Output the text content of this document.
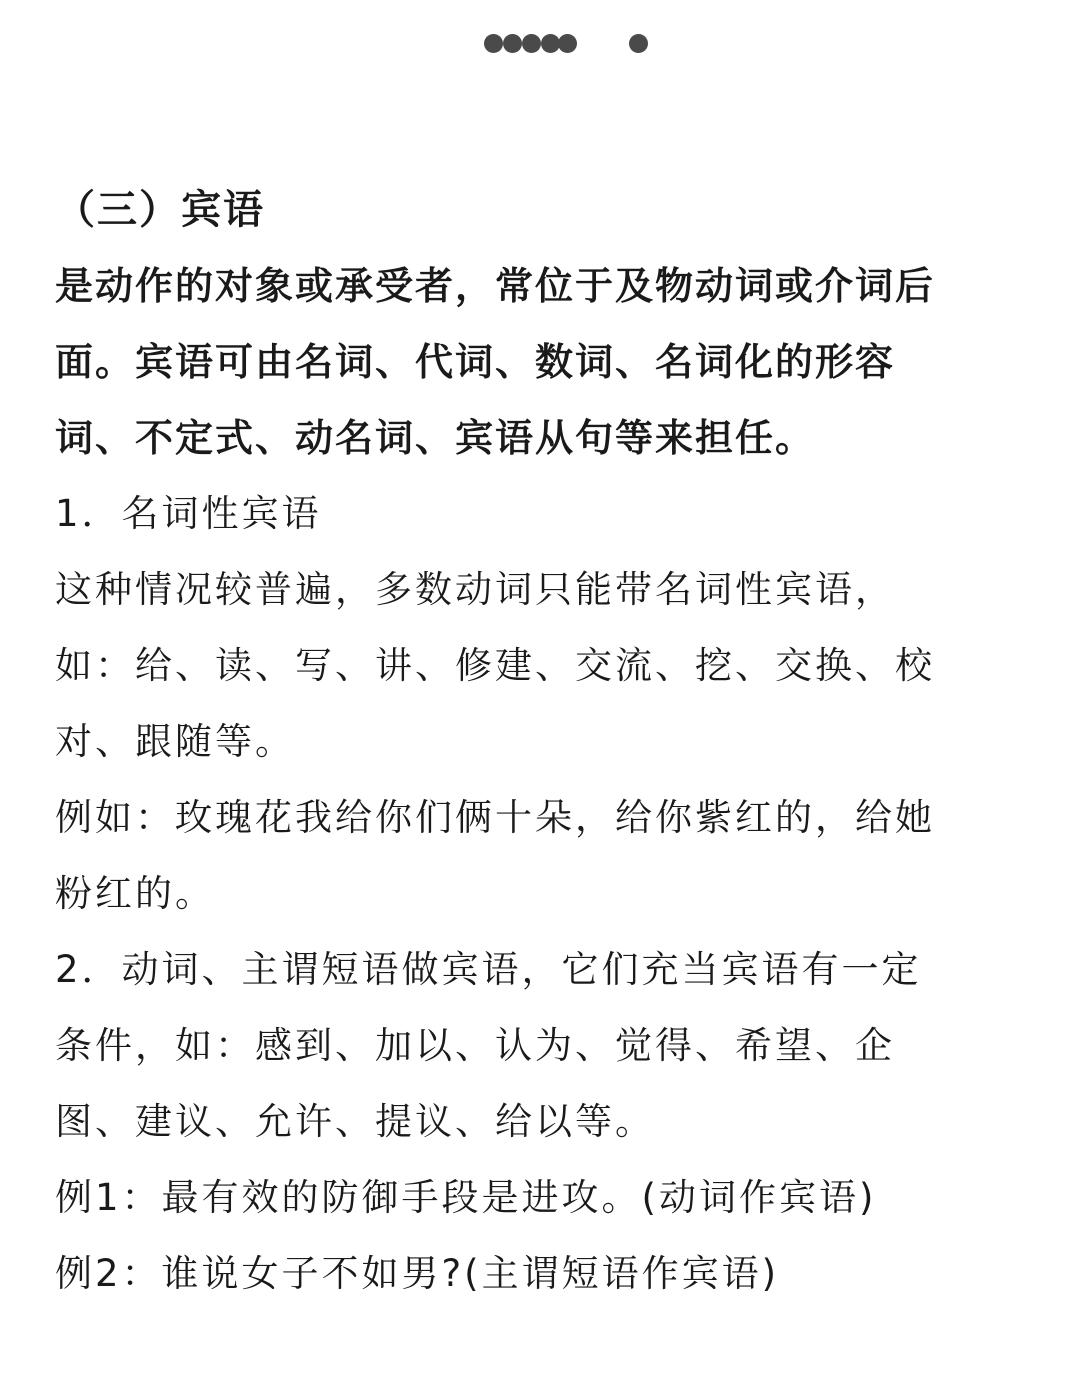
（三）宾语
是动作的对象或承受者，常位于及物动词或介词后
面。宾语可由名词、代词、数词、名词化的形容
词、不定式、动名词、宾语从句等来担任。
1．名词性宾语
这种情况较普遍，多数动词只能带名词性宾语，
如：给、读、写、讲、修建、交流、挖、交换、校
对、跟随等。
例如：玫瑰花我给你们俩十朵，给你紫红的，给她
粉红的。
2．动词、主谓短语做宾语，它们充当宾语有一定
条件，如：感到、加以、认为、觉得、希望、企
图、建议、允许、提议、给以等。
例1：最有效的防御手段是进攻。(动词作宾语)
例2：谁说女子不如男?(主谓短语作宾语)
